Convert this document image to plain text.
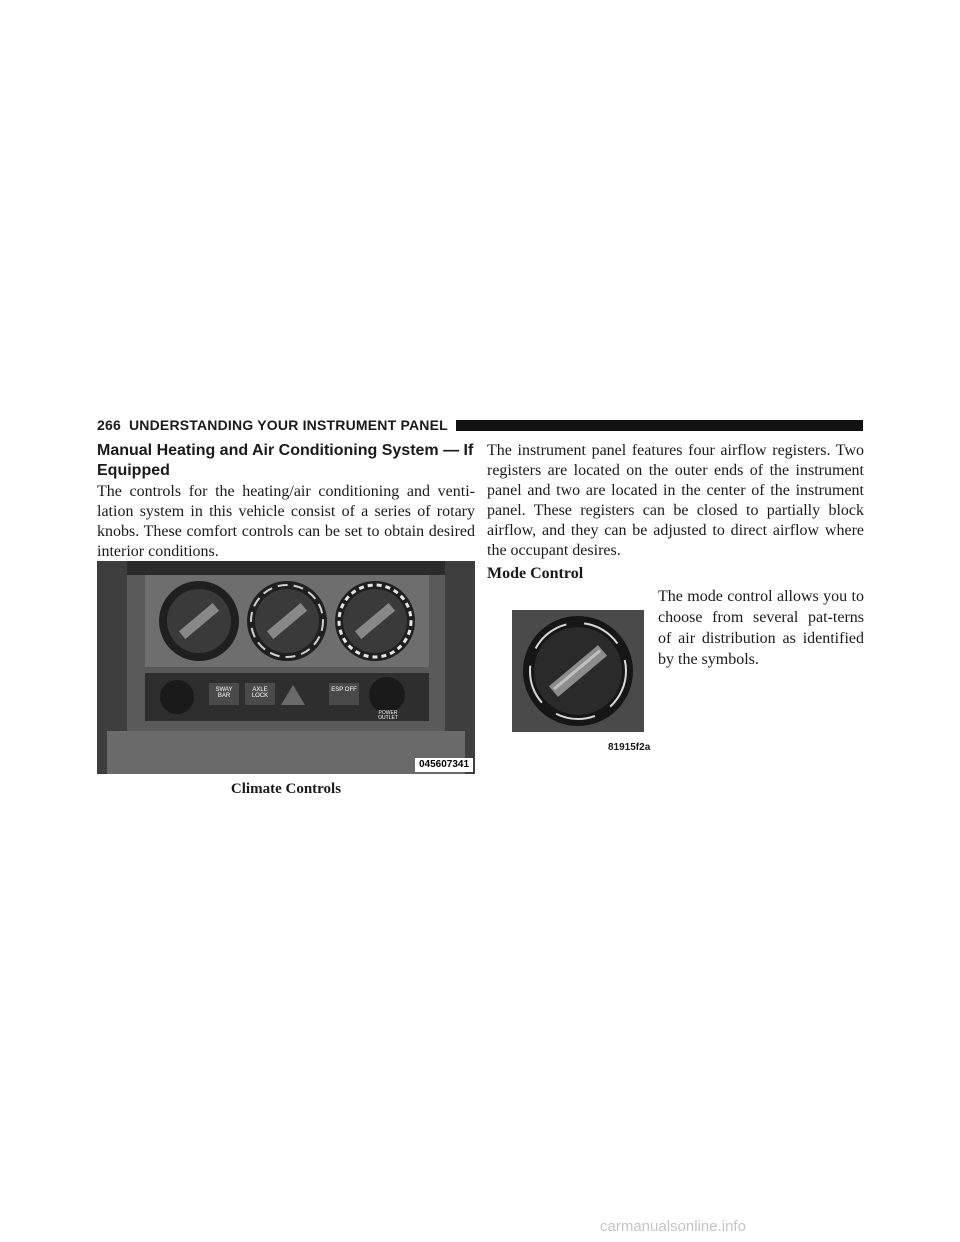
266 UNDERSTANDING YOUR INSTRUMENT PANEL
Manual Heating and Air Conditioning System — If Equipped
The controls for the heating/air conditioning and venti-lation system in this vehicle consist of a series of rotary knobs. These comfort controls can be set to obtain desired interior conditions.
SWAY BAR
AXLE LOCK
ESP OFF
POWER OUTLET
045607341
Climate Controls
The instrument panel features four airflow registers. Two registers are located on the outer ends of the instrument panel and two are located in the center of the instrument panel. These registers can be closed to partially block airflow, and they can be adjusted to direct airflow where the occupant desires.
Mode Control
81915f2a
The mode control allows you to choose from several pat-terns of air distribution as identified by the symbols.
carmanualsonline.info
